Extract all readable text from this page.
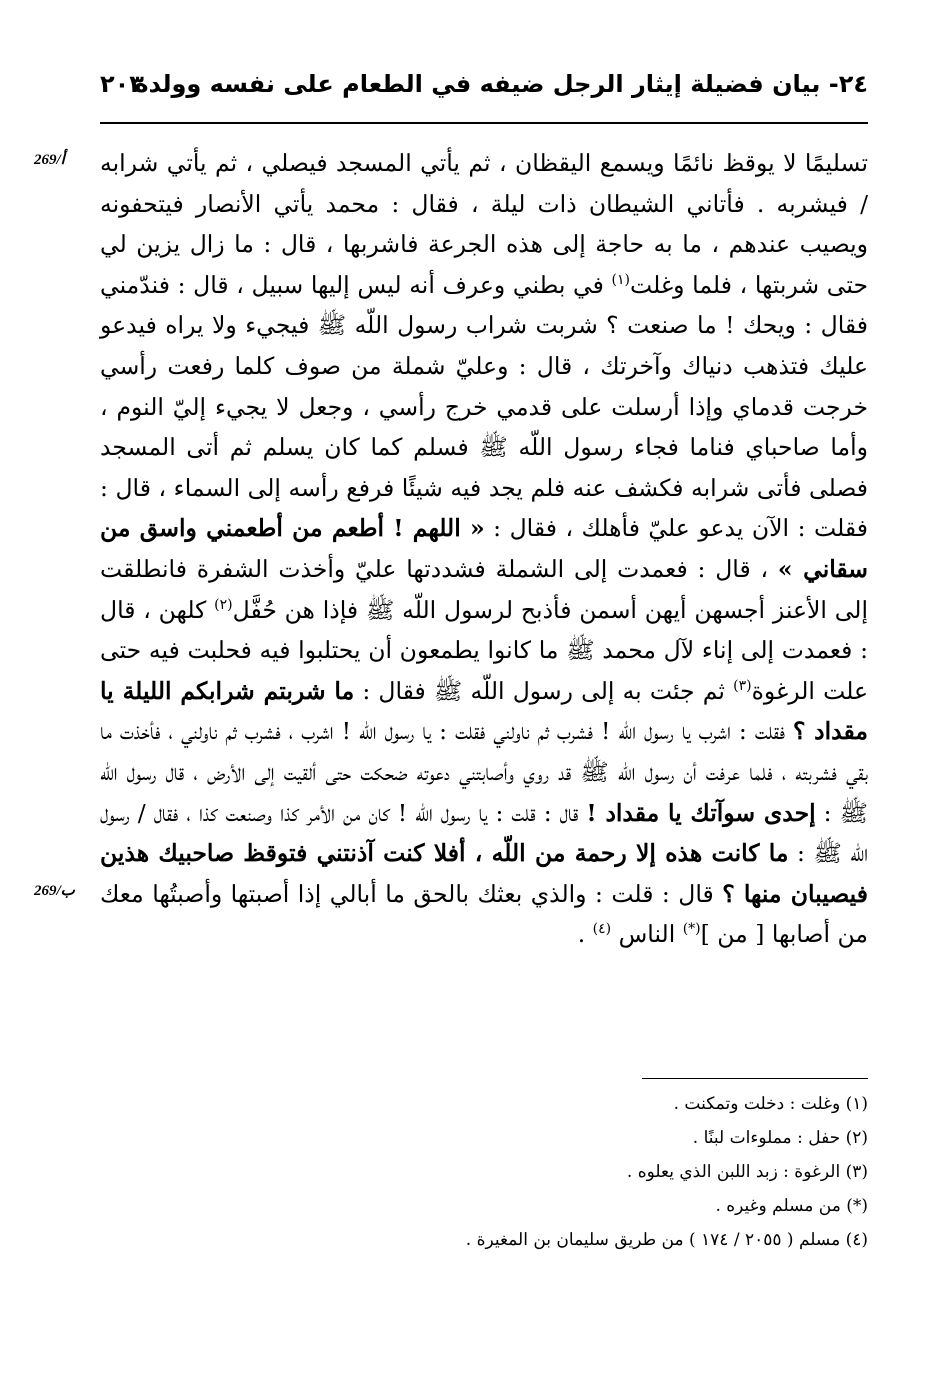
٢٤- بيان فضيلة إيثار الرجل ضيفه في الطعام على نفسه وولده
٢٠٣
269/أ
269/ب

تسليمًا لا يوقظ نائمًا ويسمع اليقظان ، ثم يأتي المسجد فيصلي ، ثم يأتي شرابه / فيشربه . فأتاني الشيطان ذات ليلة ، فقال : محمد يأتي الأنصار فيتحفونه ويصيب عندهم ، ما به حاجة إلى هذه الجرعة فاشربها ، قال : ما زال يزين لي حتى شربتها ، فلما وغلت$^{(١)}$ في بطني وعرف أنه ليس إليها سبيل ، قال : فندّمني فقال : ويحك ! ما صنعت ؟ شربت شراب رسول اللّه ﷺ فيجيء ولا يراه فيدعو عليك فتذهب دنياك وآخرتك ، قال : وعليّ شملة من صوف كلما رفعت رأسي خرجت قدماي وإذا أرسلت على قدمي خرج رأسي ، وجعل لا يجيء إليّ النوم ، وأما صاحباي فناما فجاء رسول اللّه ﷺ فسلم كما كان يسلم ثم أتى المسجد فصلى فأتى شرابه فكشف عنه فلم يجد فيه شيئًا فرفع رأسه إلى السماء ، قال : فقلت : الآن يدعو عليّ فأهلك ، فقال : « اللهم ! أطعم من أطعمني واسق من سقاني » ، قال : فعمدت إلى الشملة فشددتها عليّ وأخذت الشفرة فانطلقت إلى الأعنز أجسهن أيهن أسمن فأذبح لرسول اللّه ﷺ فإذا هن حُفَّل$^{(٢)}$ كلهن ، قال : فعمدت إلى إناء لآل محمد ﷺ ما كانوا يطمعون أن يحتلبوا فيه فحلبت فيه حتى علت الرغوة$^{(٣)}$ ثم جئت به إلى رسول اللّه ﷺ فقال : ما شربتم شرابكم الليلة يا مقداد ؟ فقلت : اشرب يا رسول اللّه ! فشرب ثم ناولني فقلت : يا رسول اللّه ! اشرب ، فشرب ثم ناولني ، فأخذت ما بقي فشربته ، فلما عرفت أن رسول اللّه ﷺ قد روي وأصابتني دعوته ضحكت حتى ألقيت إلى الأرض ، قال رسول اللّه ﷺ : إحدى سوآتك يا مقداد ! قال : قلت : يا رسول اللّه ! كان من الأمر كذا وصنعت كذا ، فقال / رسول اللّه ﷺ : ما كانت هذه إلا رحمة من اللّه ، أفلا كنت آذنتني فتوقظ صاحبيك هذين فيصيبان منها ؟ قال : قلت : والذي بعثك بالحق ما أبالي إذا أصبتها وأصبتُها معك من أصابها [ من ](*) الناس $^{(٤)}$ .

(١) وغلت : دخلت وتمكنت .
(٢) حفل : مملوءات لبنًا .
(٣) الرغوة : زبد اللبن الذي يعلوه .
(*) من مسلم وغيره .
(٤) مسلم ( ٢٠٥٥ / ١٧٤ ) من طريق سليمان بن المغيرة .
